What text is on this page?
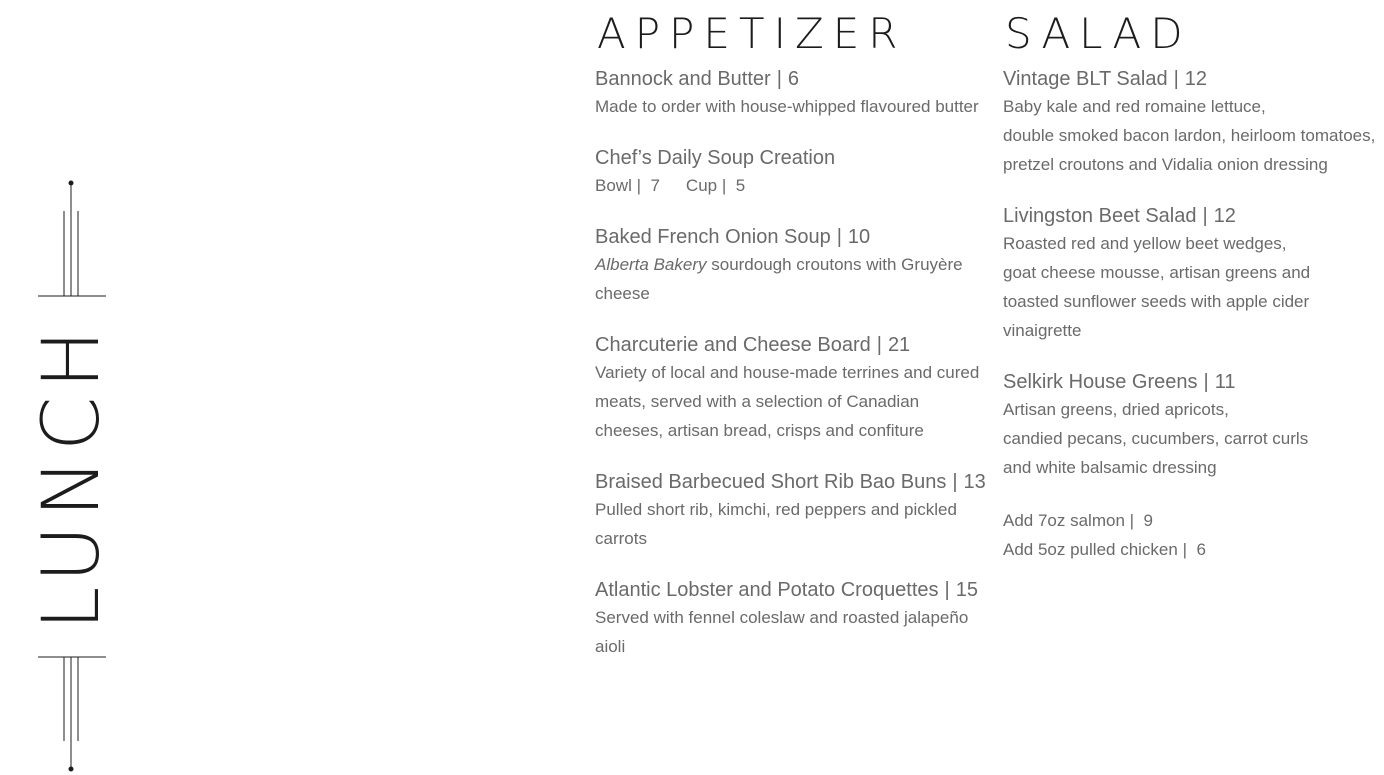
LUNCH
APPETIZER
Bannock and Butter | 6
Made to order with house-whipped flavoured butter
Chef’s Daily Soup Creation
Bowl |  7 Cup |  5
Baked French Onion Soup | 10
Alberta Bakery sourdough croutons with Gruyère cheese
Charcuterie and Cheese Board | 21
Variety of local and house-made terrines and cured meats, served with a selection of Canadian cheeses, artisan bread, crisps and confiture
Braised Barbecued Short Rib Bao Buns | 13
Pulled short rib, kimchi, red peppers and pickled carrots
Atlantic Lobster and Potato Croquettes | 15
Served with fennel coleslaw and roasted jalapeño aioli
SALAD
Vintage BLT Salad | 12
Baby kale and red romaine lettuce,
double smoked bacon lardon, heirloom tomatoes,
pretzel croutons and Vidalia onion dressing
Livingston Beet Salad | 12
Roasted red and yellow beet wedges,
goat cheese mousse, artisan greens and
toasted sunflower seeds with apple cider
vinaigrette
Selkirk House Greens | 11
Artisan greens, dried apricots,
candied pecans, cucumbers, carrot curls
and white balsamic dressing
Add 7oz salmon |  9
Add 5oz pulled chicken |  6
